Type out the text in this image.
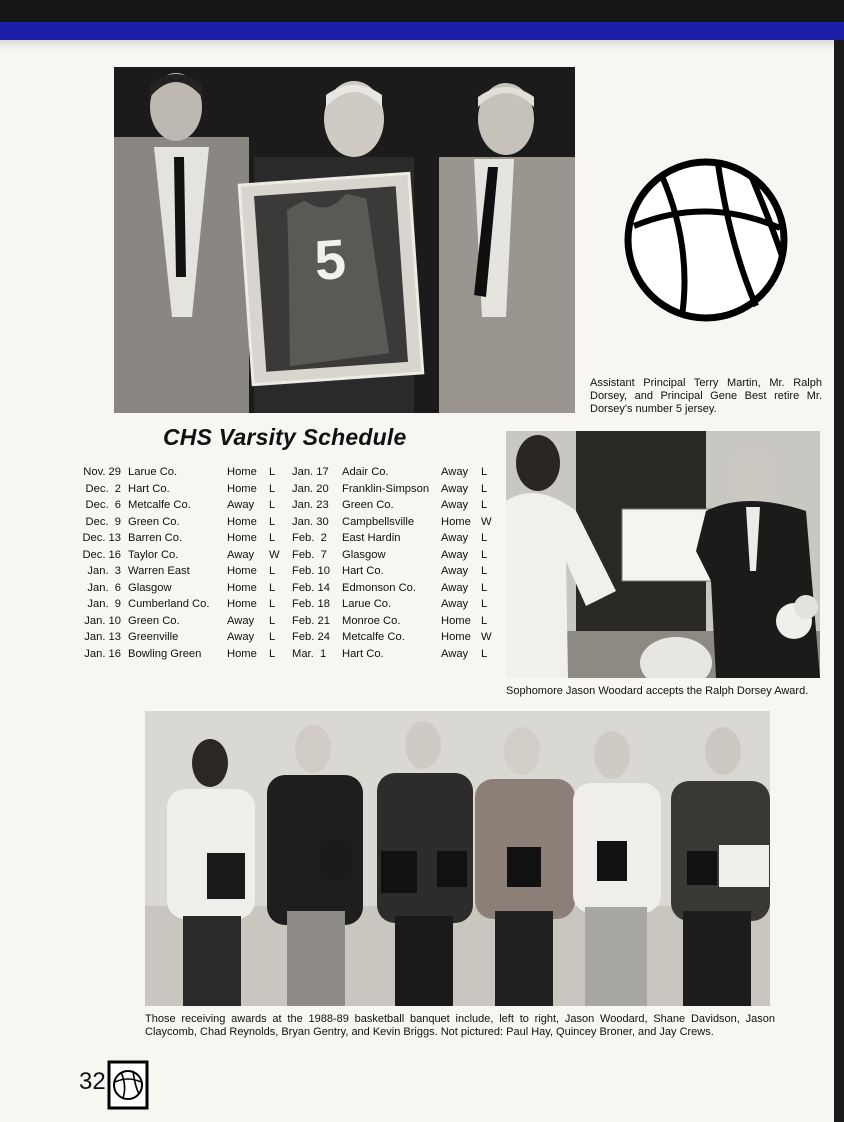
5
Assistant Principal Terry Martin, Mr. Ralph Dorsey, and Principal Gene Best retire Mr. Dorsey's number 5 jersey.
CHS Varsity Schedule
Nov. 29 Larue Co.	Home L
Dec.  2 Hart Co.	Home L
Dec.  6 Metcalfe Co.	Away L
Dec.  9 Green Co.	Home L
Dec. 13 Barren Co.	Home L
Dec. 16 Taylor Co.	Away W
Jan.  3 Warren East	Home L
Jan.  6 Glasgow	Home L
Jan.  9 Cumberland Co. Home L
Jan. 10 Green Co.	Away L
Jan. 13 Greenville	Away L
Jan. 16 Bowling Green Home L
Jan. 17 Adair Co.	Away L
Jan. 20 Franklin-Simpson Away L
Jan. 23 Green Co.	Away L
Jan. 30 Campbellsville Home W
Feb.  2 East Hardin	Away L
Feb.  7 Glasgow	Away L
Feb. 10 Hart Co.	Away L
Feb. 14 Edmonson Co. Away L
Feb. 18 Larue Co.	Away L
Feb. 21 Monroe Co.	Home L
Feb. 24 Metcalfe Co.	Home W
Mar.  1 Hart Co.	Away L
Sophomore Jason Woodard accepts the Ralph Dorsey Award.
Those receiving awards at the 1988-89 basketball banquet include, left to right, Jason Woodard, Shane Davidson, Jason Claycomb, Chad Reynolds, Bryan Gentry, and Kevin Briggs. Not pictured: Paul Hay, Quincey Broner, and Jay Crews.
32
